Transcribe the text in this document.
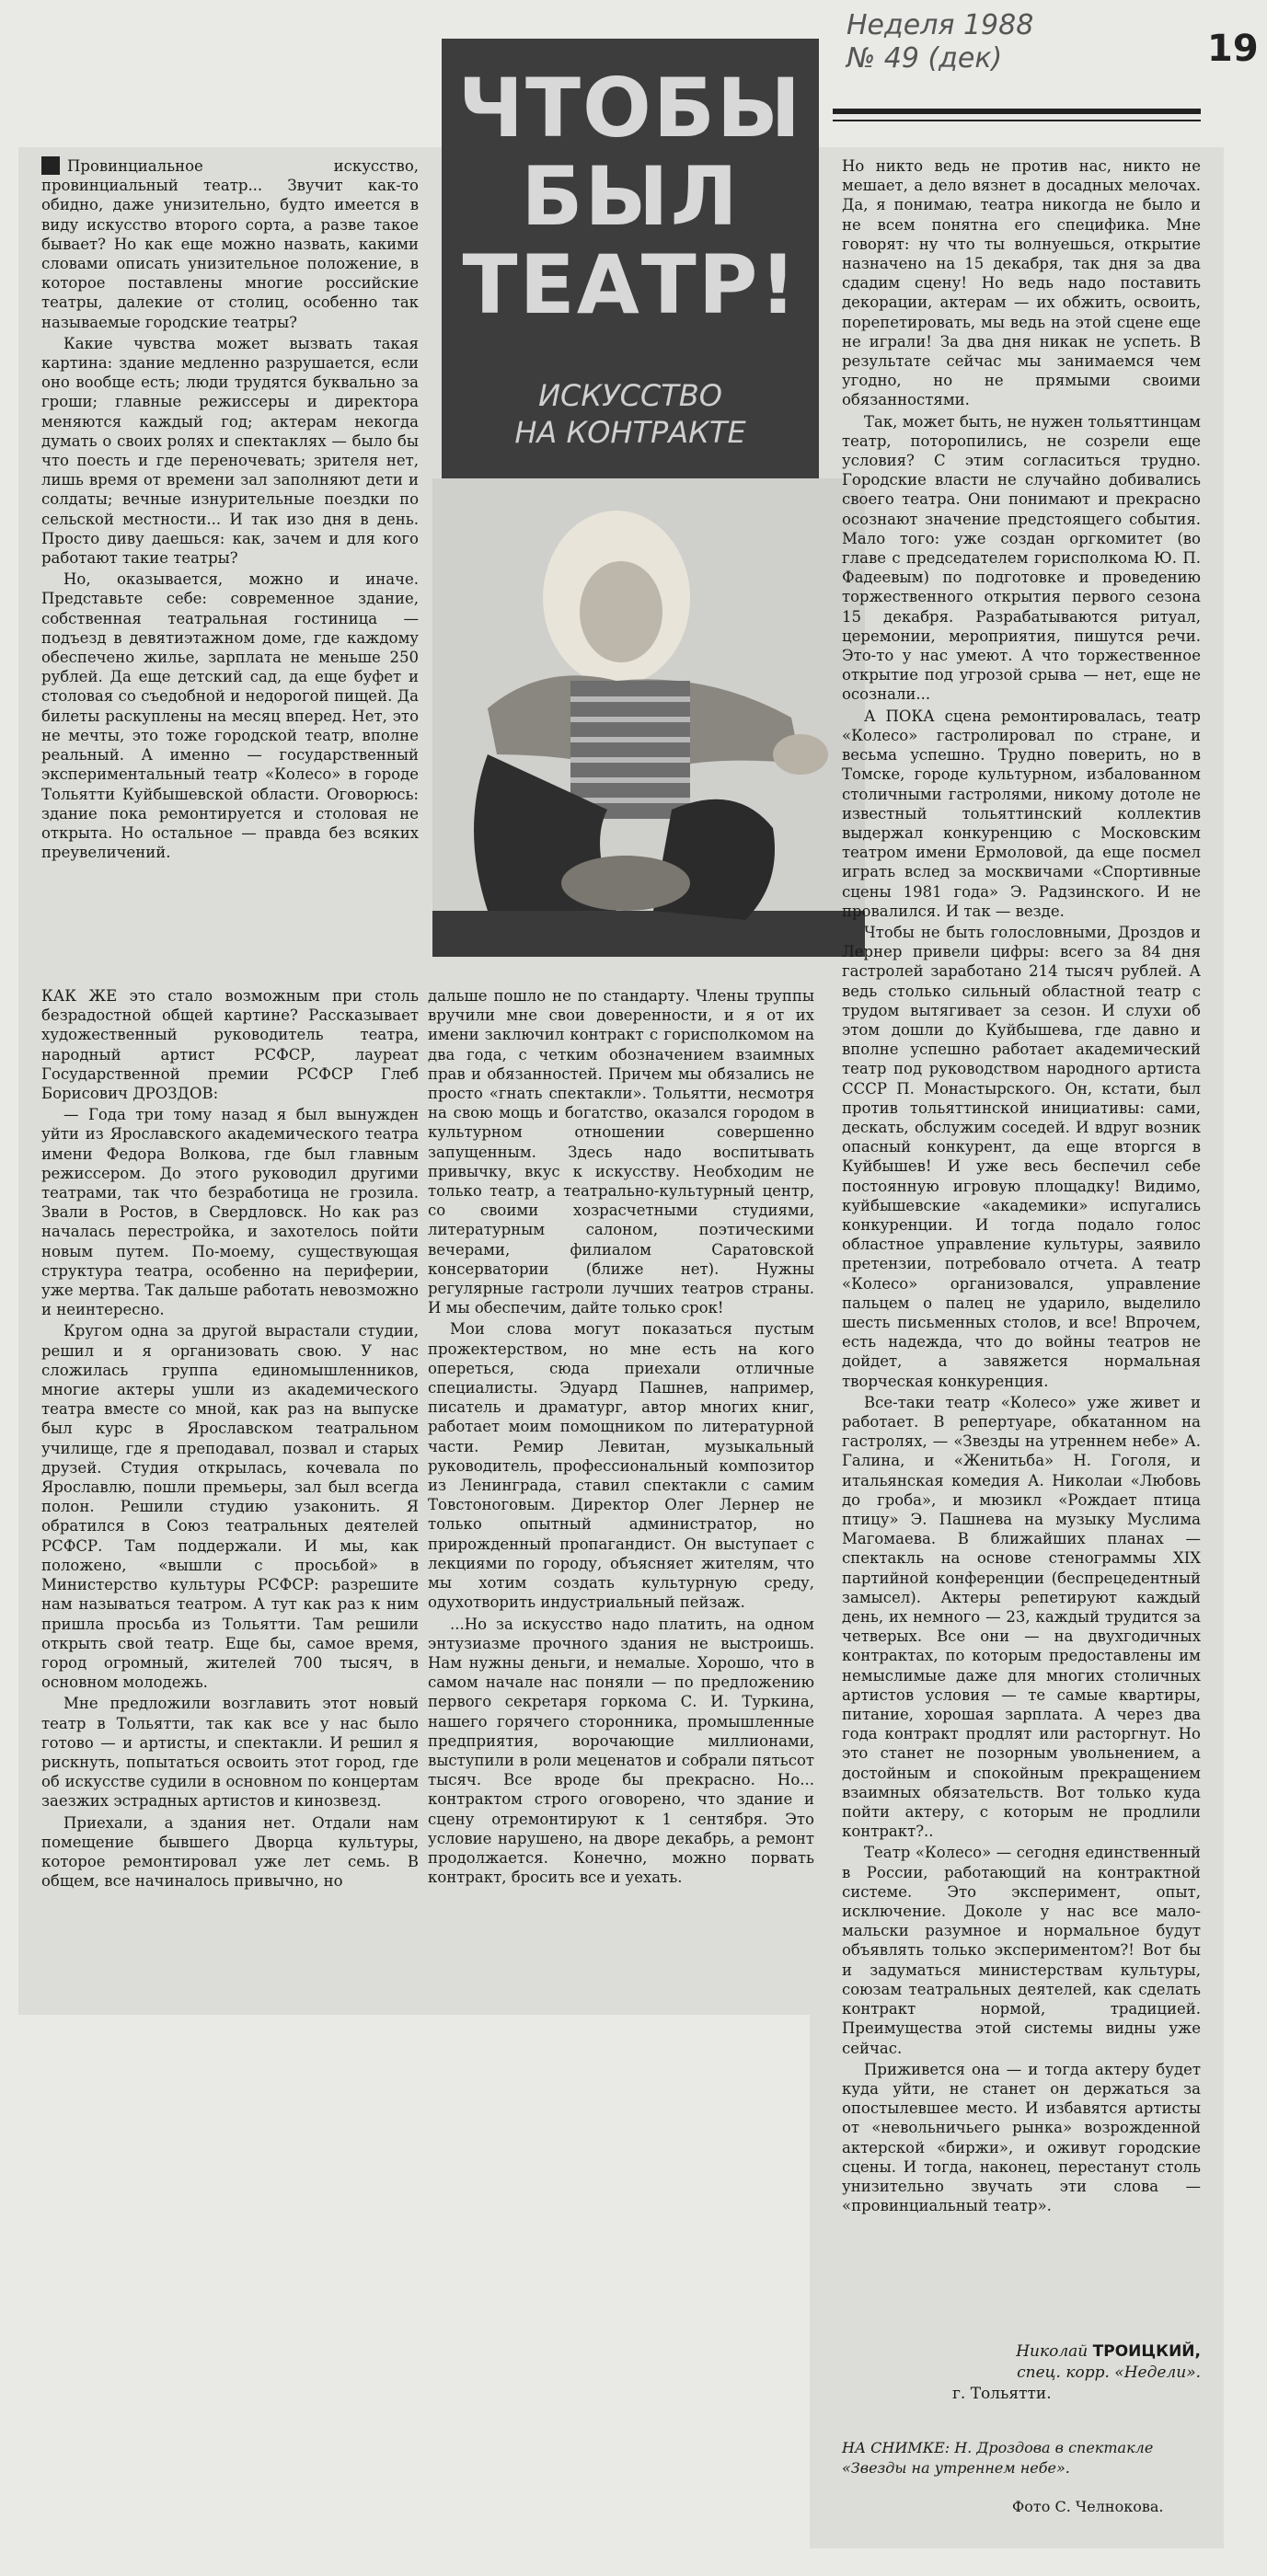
Неделя 1988
№ 49 (дек)	19
ЧТОБЫ
БЫЛ
ТЕАТР!
ИСКУССТВО
НА КОНТРАКТЕ

Провинциальное искусство, провинциальный театр... Звучит как-то обидно, даже унизительно, будто имеется в виду искусство второго сорта, а разве такое бывает? Но как еще можно назвать, какими словами описать унизительное положение, в которое поставлены многие российские театры, далекие от столиц, особенно так называемые городские театры?

Какие чувства может вызвать такая картина: здание медленно разрушается, если оно вообще есть; люди трудятся буквально за гроши; главные режиссеры и директора меняются каждый год; актерам некогда думать о своих ролях и спектаклях — было бы что поесть и где переночевать; зрителя нет, лишь время от времени зал заполняют дети и солдаты; вечные изнурительные поездки по сельской местности... И так изо дня в день. Просто диву даешься: как, зачем и для кого работают такие театры?

Но, оказывается, можно и иначе. Представьте себе: современное здание, собственная театральная гостиница — подъезд в девятиэтажном доме, где каждому обеспечено жилье, зарплата не меньше 250 рублей. Да еще детский сад, да еще буфет и столовая со съедобной и недорогой пищей. Да билеты раскуплены на месяц вперед. Нет, это не мечты, это тоже городской театр, вполне реальный. А именно — государственный экспериментальный театр «Колесо» в городе Тольятти Куйбышевской области. Оговорюсь: здание пока ремонтируется и столовая не открыта. Но остальное — правда без всяких преувеличений.

КАК ЖЕ это стало возможным при столь безрадостной общей картине? Рассказывает художественный руководитель театра, народный артист РСФСР, лауреат Государственной премии РСФСР Глеб Борисович ДРОЗДОВ:

— Года три тому назад я был вынужден уйти из Ярославского академического театра имени Федора Волкова, где был главным режиссером. До этого руководил другими театрами, так что безработица не грозила. Звали в Ростов, в Свердловск. Но как раз началась перестройка, и захотелось пойти новым путем. По-моему, существующая структура театра, особенно на периферии, уже мертва. Так дальше работать невозможно и неинтересно.

Кругом одна за другой вырастали студии, решил и я организовать свою. У нас сложилась группа единомышленников, многие актеры ушли из академического театра вместе со мной, как раз на выпуске был курс в Ярославском театральном училище, где я преподавал, позвал и старых друзей. Студия открылась, кочевала по Ярославлю, пошли премьеры, зал был всегда полон. Решили студию узаконить. Я обратился в Союз театральных деятелей РСФСР. Там поддержали. И мы, как положено, «вышли с просьбой» в Министерство культуры РСФСР: разрешите нам называться театром. А тут как раз к ним пришла просьба из Тольятти. Там решили открыть свой театр. Еще бы, самое время, город огромный, жителей 700 тысяч, в основном молодежь.

Мне предложили возглавить этот новый театр в Тольятти, так как все у нас было готово — и артисты, и спектакли. И решил я рискнуть, попытаться освоить этот город, где об искусстве судили в основном по концертам заезжих эстрадных артистов и кинозвезд.

Приехали, а здания нет. Отдали нам помещение бывшего Дворца культуры, которое ремонтировал уже лет семь. В общем, все начиналось привычно, но

дальше пошло не по стандарту. Члены труппы вручили мне свои доверенности, и я от их имени заключил контракт с горисполкомом на два года, с четким обозначением взаимных прав и обязанностей. Причем мы обязались не просто «гнать спектакли». Тольятти, несмотря на свою мощь и богатство, оказался городом в культурном отношении совершенно запущенным. Здесь надо воспитывать привычку, вкус к искусству. Необходим не только театр, а театрально-культурный центр, со своими хозрасчетными студиями, литературным салоном, поэтическими вечерами, филиалом Саратовской консерватории (ближе нет). Нужны регулярные гастроли лучших театров страны. И мы обеспечим, дайте только срок!

Мои слова могут показаться пустым прожектерством, но мне есть на кого опереться, сюда приехали отличные специалисты. Эдуард Пашнев, например, писатель и драматург, автор многих книг, работает моим помощником по литературной части. Ремир Левитан, музыкальный руководитель, профессиональный композитор из Ленинграда, ставил спектакли с самим Товстоноговым. Директор Олег Лернер не только опытный администратор, но прирожденный пропагандист. Он выступает с лекциями по городу, объясняет жителям, что мы хотим создать культурную среду, одухотворить индустриальный пейзаж.

...Но за искусство надо платить, на одном энтузиазме прочного здания не выстроишь. Нам нужны деньги, и немалые. Хорошо, что в самом начале нас поняли — по предложению первого секретаря горкома С. И. Туркина, нашего горячего сторонника, промышленные предприятия, ворочающие миллионами, выступили в роли меценатов и собрали пятьсот тысяч. Все вроде бы прекрасно. Но... контрактом строго оговорено, что здание и сцену отремонтируют к 1 сентября. Это условие нарушено, на дворе декабрь, а ремонт продолжается. Конечно, можно порвать контракт, бросить все и уехать.

Но никто ведь не против нас, никто не мешает, а дело вязнет в досадных мелочах. Да, я понимаю, театра никогда не было и не всем понятна его специфика. Мне говорят: ну что ты волнуешься, открытие назначено на 15 декабря, так дня за два сдадим сцену! Но ведь надо поставить декорации, актерам — их обжить, освоить, порепетировать, мы ведь на этой сцене еще не играли! За два дня никак не успеть. В результате сейчас мы занимаемся чем угодно, но не прямыми своими обязанностями.

Так, может быть, не нужен тольяттинцам театр, поторопились, не созрели еще условия? С этим согласиться трудно. Городские власти не случайно добивались своего театра. Они понимают и прекрасно осознают значение предстоящего события. Мало того: уже создан оргкомитет (во главе с председателем горисполкома Ю. П. Фадеевым) по подготовке и проведению торжественного открытия первого сезона 15 декабря. Разрабатываются ритуал, церемонии, мероприятия, пишутся речи. Это-то у нас умеют. А что торжественное открытие под угрозой срыва — нет, еще не осознали...

А ПОКА сцена ремонтировалась, театр «Колесо» гастролировал по стране, и весьма успешно. Трудно поверить, но в Томске, городе культурном, избалованном столичными гастролями, никому дотоле не известный тольяттинский коллектив выдержал конкуренцию с Московским театром имени Ермоловой, да еще посмел играть вслед за москвичами «Спортивные сцены 1981 года» Э. Радзинского. И не провалился. И так — везде.

Чтобы не быть голословными, Дроздов и Лернер привели цифры: всего за 84 дня гастролей заработано 214 тысяч рублей. А ведь столько сильный областной театр с трудом вытягивает за сезон. И слухи об этом дошли до Куйбышева, где давно и вполне успешно работает академический театр под руководством народного артиста СССР П. Монастырского. Он, кстати, был против тольяттинской инициативы: сами, дескать, обслужим соседей. И вдруг возник опасный конкурент, да еще вторгся в Куйбышев! И уже весь беспечил себе постоянную игровую площадку! Видимо, куйбышевские «академики» испугались конкуренции. И тогда подало голос областное управление культуры, заявило претензии, потребовало отчета. А театр «Колесо» организовался, управление пальцем о палец не ударило, выделило шесть письменных столов, и все! Впрочем, есть надежда, что до войны театров не дойдет, а завяжется нормальная творческая конкуренция.

Все-таки театр «Колесо» уже живет и работает. В репертуаре, обкатанном на гастролях, — «Звезды на утреннем небе» А. Галина, и «Женитьба» Н. Гоголя, и итальянская комедия А. Николаи «Любовь до гроба», и мюзикл «Рождает птица птицу» Э. Пашнева на музыку Муслима Магомаева. В ближайших планах — спектакль на основе стенограммы XIX партийной конференции (беспрецедентный замысел). Актеры репетируют каждый день, их немного — 23, каждый трудится за четверых. Все они — на двухгодичных контрактах, по которым предоставлены им немыслимые даже для многих столичных артистов условия — те самые квартиры, питание, хорошая зарплата. А через два года контракт продлят или расторгнут. Но это станет не позорным увольнением, а достойным и спокойным прекращением взаимных обязательств. Вот только куда пойти актеру, с которым не продлили контракт?..

Театр «Колесо» — сегодня единственный в России, работающий на контрактной системе. Это эксперимент, опыт, исключение. Доколе у нас все мало-мальски разумное и нормальное будут объявлять только экспериментом?! Вот бы и задуматься министерствам культуры, союзам театральных деятелей, как сделать контракт нормой, традицией. Преимущества этой системы видны уже сейчас.

Приживется она — и тогда актеру будет куда уйти, не станет он держаться за опостылевшее место. И избавятся артисты от «невольничьего рынка» возрожденной актерской «биржи», и оживут городские сцены. И тогда, наконец, перестанут столь унизительно звучать эти слова — «провинциальный театр».

Николай ТРОИЦКИЙ,
спец. корр. «Недели».
г. Тольятти.
НА СНИМКЕ: Н. Дроздова в спектакле «Звезды на утреннем небе».
Фото С. Челнокова.
